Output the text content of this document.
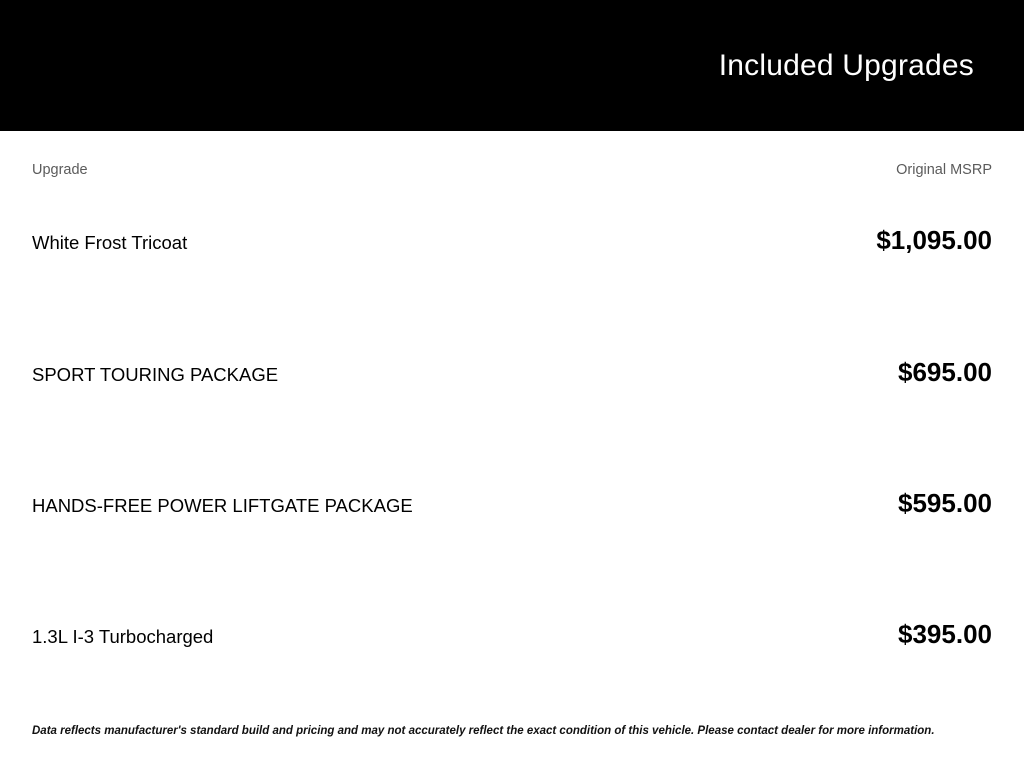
Included Upgrades
Upgrade	Original MSRP
White Frost Tricoat	$1,095.00
SPORT TOURING PACKAGE	$695.00
HANDS-FREE POWER LIFTGATE PACKAGE	$595.00
1.3L I-3 Turbocharged	$395.00
Data reflects manufacturer's standard build and pricing and may not accurately reflect the exact condition of this vehicle. Please contact dealer for more information.
